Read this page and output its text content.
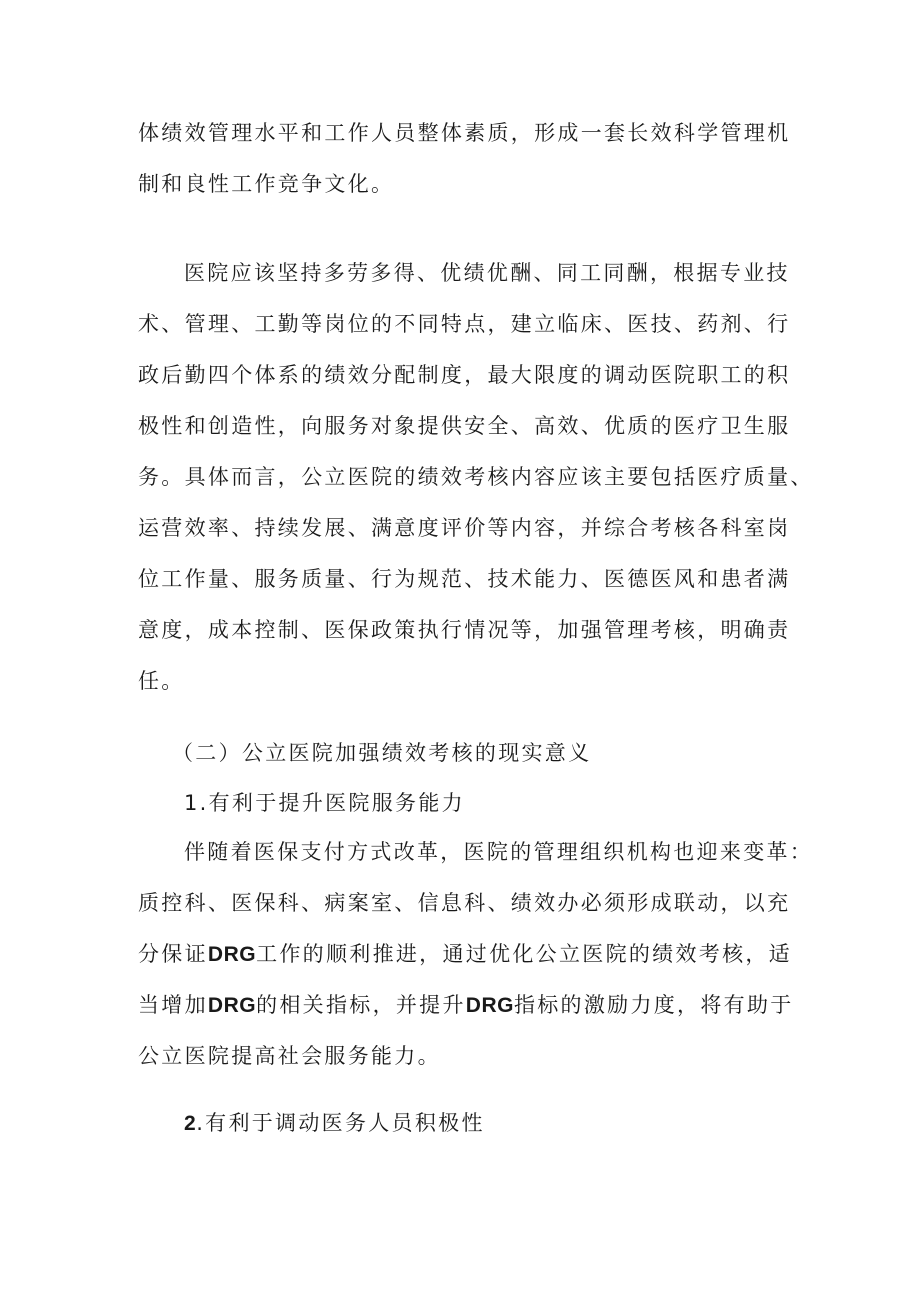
体绩效管理水平和工作人员整体素质，形成一套长效科学管理机
制和良性工作竞争文化。
医院应该坚持多劳多得、优绩优酬、同工同酬，根据专业技
术、管理、工勤等岗位的不同特点，建立临床、医技、药剂、行
政后勤四个体系的绩效分配制度，最大限度的调动医院职工的积
极性和创造性，向服务对象提供安全、高效、优质的医疗卫生服
务。具体而言，公立医院的绩效考核内容应该主要包括医疗质量、
运营效率、持续发展、满意度评价等内容，并综合考核各科室岗
位工作量、服务质量、行为规范、技术能力、医德医风和患者满
意度，成本控制、医保政策执行情况等，加强管理考核，明确责
任。
（二）公立医院加强绩效考核的现实意义
1.有利于提升医院服务能力
伴随着医保支付方式改革，医院的管理组织机构也迎来变革：
质控科、医保科、病案室、信息科、绩效办必须形成联动，以充
分保证DRG工作的顺利推进，通过优化公立医院的绩效考核，适
当增加DRG的相关指标，并提升DRG指标的激励力度，将有助于
公立医院提高社会服务能力。
2.有利于调动医务人员积极性
